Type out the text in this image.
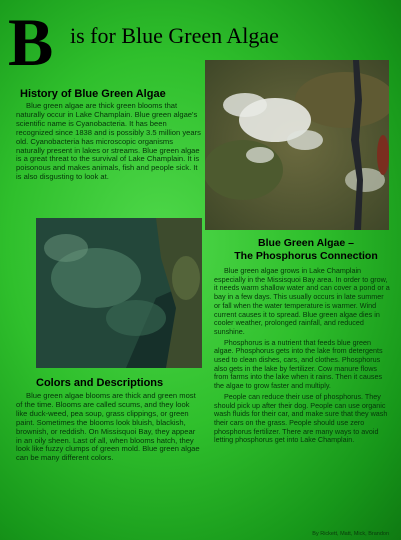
B is for Blue Green Algae
History of Blue Green Algae

Blue green algae are thick green blooms that naturally occur in Lake Champlain. Blue green algae's scientific name is Cyanobacteria. It has been recognized since 1838 and is possibly 3.5 million years old. Cyanobacteria has microscopic organisms naturally present in lakes or streams. Blue green algae is a great threat to the survival of Lake Champlain. It is poisonous and makes animals, fish and people sick. It is also disgusting to look at.

Blue Green Algae –
The Phosphorus Connection

Blue green algae grows in Lake Champlain especially in the Missisquoi Bay area. In order to grow, it needs warm shallow water and can cover a pond or a bay in a few days. This usually occurs in late summer or fall when the water temperature is warmer. Wind current causes it to spread. Blue green algae dies in cooler weather, prolonged rainfall, and reduced sunshine.

Phosphorus is a nutrient that feeds blue green algae. Phosphorus gets into the lake from detergents used to clean dishes, cars, and clothes. Phosphorus also gets in the lake by fertilizer. Cow manure flows from farms into the lake when it rains. Then it causes the algae to grow faster and multiply.

People can reduce their use of phosphorus. They should pick up after their dog. People can use organic wash fluids for their car, and make sure that they wash their cars on the grass. People should use zero phosphorus fertilizer. There are many ways to avoid letting phosphorus get into Lake Champlain.

Colors and Descriptions

Blue green algae blooms are thick and green most of the time. Blooms are called scums, and they look like duck-weed, pea soup, grass clippings, or green paint. Sometimes the blooms look bluish, blackish, brownish, or reddish. On Missisquoi Bay, they appear in an oily sheen. Last of all, when blooms hatch, they look like fuzzy clumps of green mold. Blue green algae can be many different colors.

By Rickett, Matt, Mick, Brandon
